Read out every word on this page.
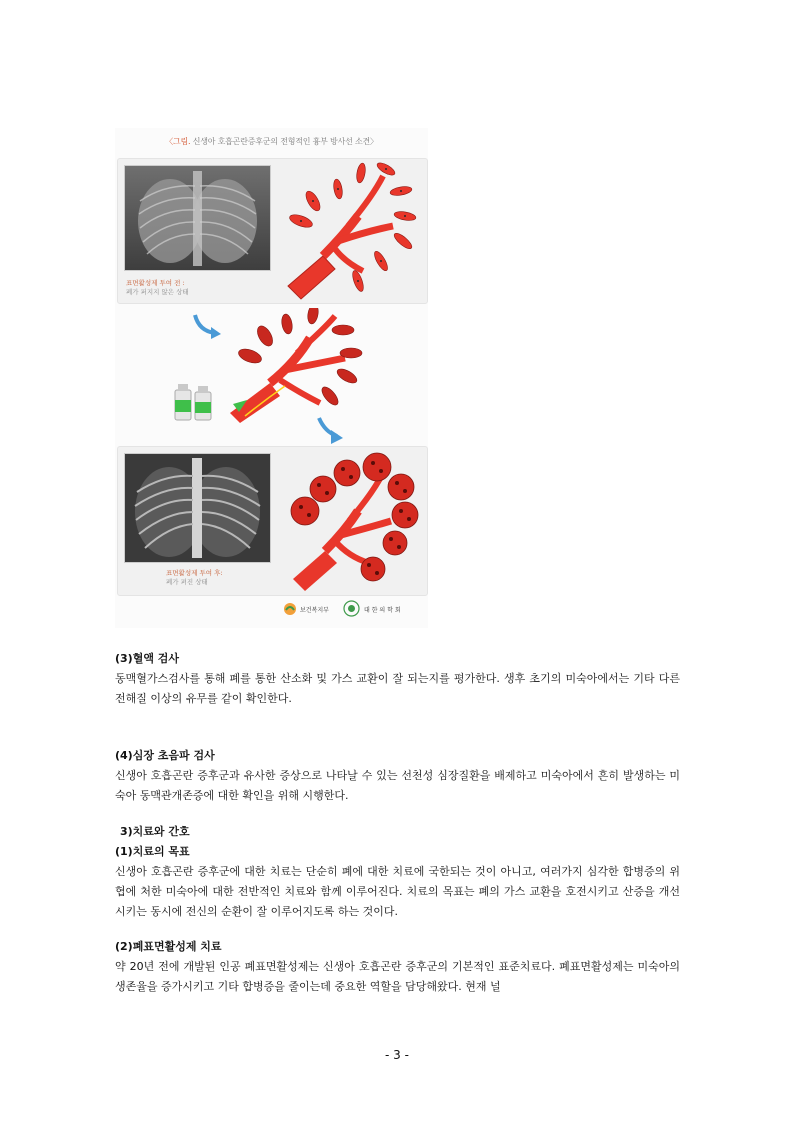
〈그림. 신생아 호흡곤란증후군의 전형적인 흉부 방사선 소견〉
표면활성제 투여 전 :
폐가 퍼지지 않은 상태
표면활성제 투여 후:
폐가 펴진 상태
보건복지부	대 한 의 학 회
(3)혈액 검사
동맥혈가스검사를 통해 폐를 통한 산소화 및 가스 교환이 잘 되는지를 평가한다. 생후 초기의 미숙아에서는 기타 다른 전해질 이상의 유무를 같이 확인한다.
(4)심장 초음파 검사
신생아 호흡곤란 증후군과 유사한 증상으로 나타날 수 있는 선천성 심장질환을 배제하고 미숙아에서 흔히 발생하는 미숙아 동맥관개존증에 대한 확인을 위해 시행한다.
3)치료와 간호
(1)치료의 목표
신생아 호흡곤란 증후군에 대한 치료는 단순히 폐에 대한 치료에 국한되는 것이 아니고, 여러가지 심각한 합병증의 위협에 처한 미숙아에 대한 전반적인 치료와 함께 이루어진다. 치료의 목표는 폐의 가스 교환을 호전시키고 산증을 개선시키는 동시에 전신의 순환이 잘 이루어지도록 하는 것이다.
(2)폐표면활성제 치료
약 20년 전에 개발된 인공 폐표면활성제는 신생아 호흡곤란 증후군의 기본적인 표준치료다. 폐표면활성제는 미숙아의 생존율을 증가시키고 기타 합병증을 줄이는데 중요한 역할을 담당해왔다. 현재 널
- 3 -
